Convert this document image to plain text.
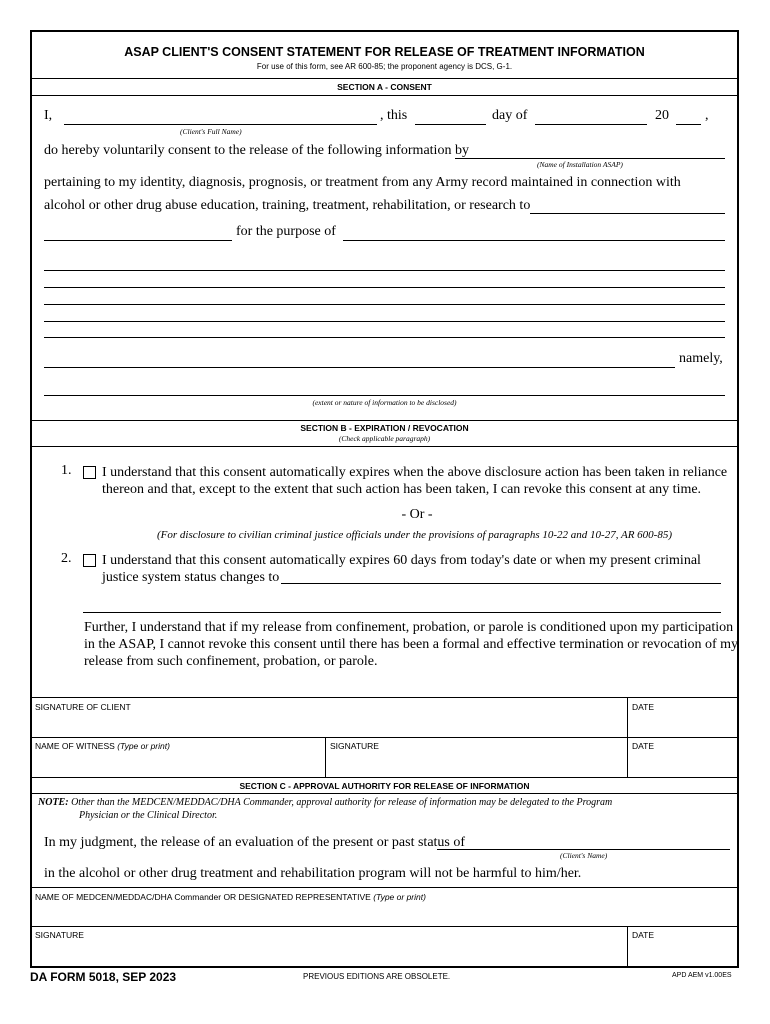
ASAP CLIENT'S CONSENT STATEMENT FOR RELEASE OF TREATMENT INFORMATION
For use of this form, see AR 600-85; the proponent agency is DCS, G-1.
SECTION A - CONSENT
I,	, this	day of	20	,
(Client's Full Name)
do hereby voluntarily consent to the release of the following information by
(Name of Installation ASAP)
pertaining to my identity, diagnosis, prognosis, or treatment from any Army record maintained in connection with
alcohol or other drug abuse education, training, treatment, rehabilitation, or research to
for the purpose of
namely,
(extent or nature of information to be disclosed)
SECTION B - EXPIRATION / REVOCATION
(Check applicable paragraph)
1. I understand that this consent automatically expires when the above disclosure action has been taken in reliance
thereon and that, except to the extent that such action has been taken, I can revoke this consent at any time.
- Or -
(For disclosure to civilian criminal justice officials under the provisions of paragraphs 10-22 and 10-27, AR 600-85)
2. I understand that this consent automatically expires 60 days from today's date or when my present criminal
justice system status changes to
Further, I understand that if my release from confinement, probation, or parole is conditioned upon my participation
in the ASAP, I cannot revoke this consent until there has been a formal and effective termination or revocation of my
release from such confinement, probation, or parole.
SIGNATURE OF CLIENT	DATE
NAME OF WITNESS (Type or print)	SIGNATURE	DATE
SECTION C - APPROVAL AUTHORITY FOR RELEASE OF INFORMATION
NOTE: Other than the MEDCEN/MEDDAC/DHA Commander, approval authority for release of information may be delegated to the Program
Physician or the Clinical Director.
In my judgment, the release of an evaluation of the present or past status of
(Client's Name)
in the alcohol or other drug treatment and rehabilitation program will not be harmful to him/her.
NAME OF MEDCEN/MEDDAC/DHA Commander OR DESIGNATED REPRESENTATIVE (Type or print)
SIGNATURE	DATE
DA FORM 5018, SEP 2023	PREVIOUS EDITIONS ARE OBSOLETE.	APD AEM v1.00ES
